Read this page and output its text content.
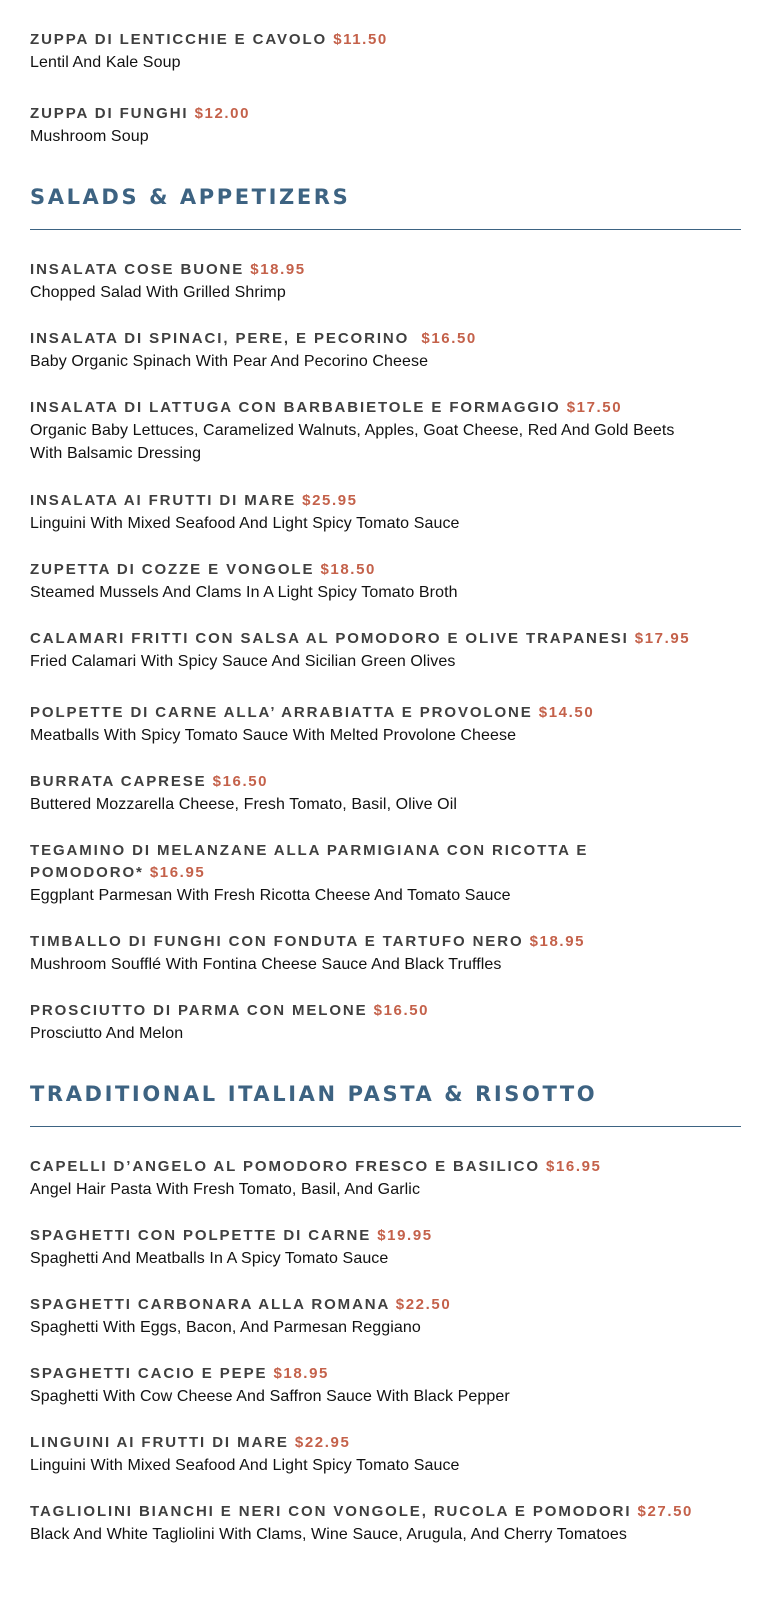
ZUPPA DI LENTICCHIE E CAVOLO $11.50
Lentil And Kale Soup
ZUPPA DI FUNGHI $12.00
Mushroom Soup
SALADS & APPETIZERS
INSALATA COSE BUONE $18.95
Chopped Salad With Grilled Shrimp
INSALATA DI SPINACI, PERE, E PECORINO $16.50
Baby Organic Spinach With Pear And Pecorino Cheese
INSALATA DI LATTUGA CON BARBABIETOLE E FORMAGGIO $17.50
Organic Baby Lettuces, Caramelized Walnuts, Apples, Goat Cheese, Red And Gold Beets With Balsamic Dressing
INSALATA AI FRUTTI DI MARE $25.95
Linguini With Mixed Seafood And Light Spicy Tomato Sauce
ZUPETTA DI COZZE E VONGOLE $18.50
Steamed Mussels And Clams In A Light Spicy Tomato Broth
CALAMARI FRITTI CON SALSA AL POMODORO E OLIVE TRAPANESI $17.95
Fried Calamari With Spicy Sauce And Sicilian Green Olives
POLPETTE DI CARNE ALLA’ ARRABIATTA E PROVOLONE $14.50
Meatballs With Spicy Tomato Sauce With Melted Provolone Cheese
BURRATA CAPRESE $16.50
Buttered Mozzarella Cheese, Fresh Tomato, Basil, Olive Oil
TEGAMINO DI MELANZANE ALLA PARMIGIANA CON RICOTTA E POMODORO* $16.95
Eggplant Parmesan With Fresh Ricotta Cheese And Tomato Sauce
TIMBALLO DI FUNGHI CON FONDUTA E TARTUFO NERO $18.95
Mushroom Soufflé With Fontina Cheese Sauce And Black Truffles
PROSCIUTTO DI PARMA CON MELONE $16.50
Prosciutto And Melon
TRADITIONAL ITALIAN PASTA & RISOTTO
CAPELLI D’ANGELO AL POMODORO FRESCO E BASILICO $16.95
Angel Hair Pasta With Fresh Tomato, Basil, And Garlic
SPAGHETTI CON POLPETTE DI CARNE $19.95
Spaghetti And Meatballs In A Spicy Tomato Sauce
SPAGHETTI CARBONARA ALLA ROMANA $22.50
Spaghetti With Eggs, Bacon, And Parmesan Reggiano
SPAGHETTI CACIO E PEPE $18.95
Spaghetti With Cow Cheese And Saffron Sauce With Black Pepper
LINGUINI AI FRUTTI DI MARE $22.95
Linguini With Mixed Seafood And Light Spicy Tomato Sauce
TAGLIOLINI BIANCHI E NERI CON VONGOLE, RUCOLA E POMODORI $27.50
Black And White Tagliolini With Clams, Wine Sauce, Arugula, And Cherry Tomatoes
